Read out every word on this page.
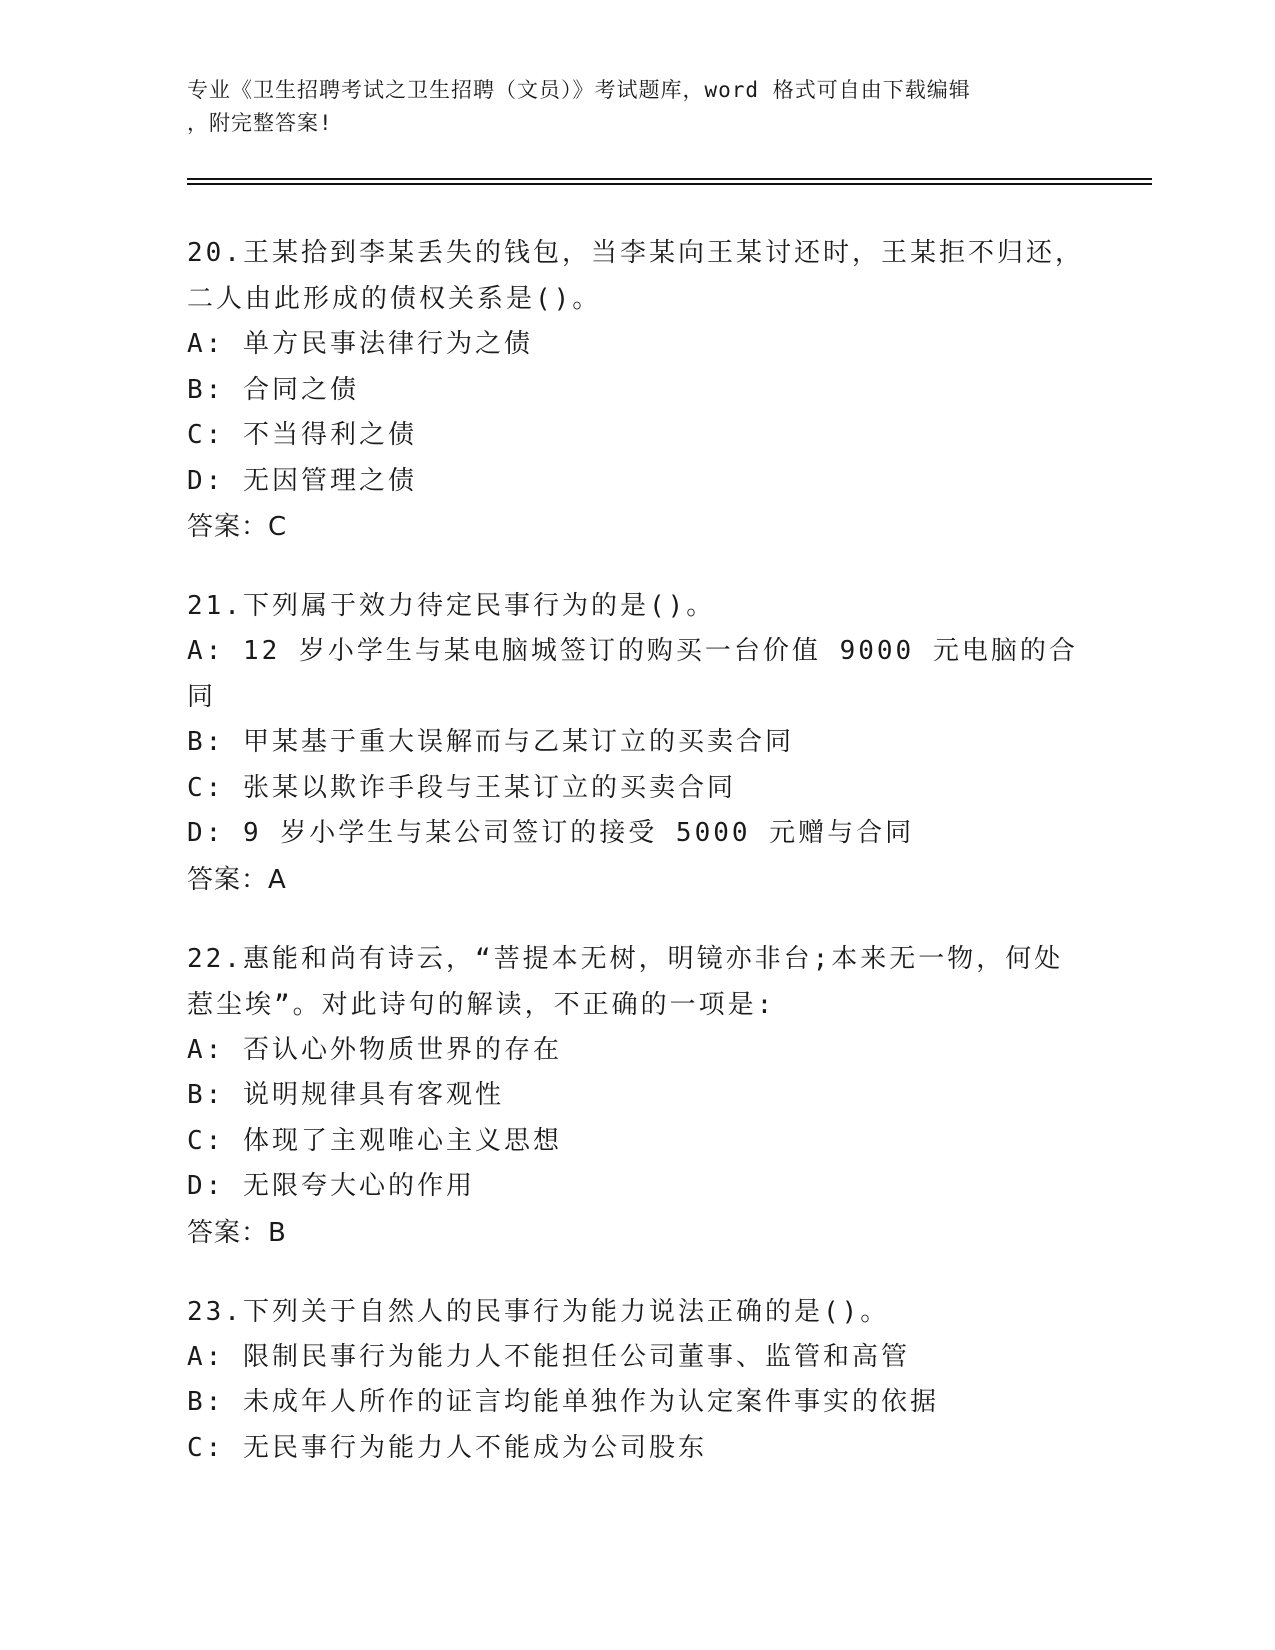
专业《卫生招聘考试之卫生招聘（文员）》考试题库，word 格式可自由下载编辑
，附完整答案!
20.王某拾到李某丢失的钱包，当李某向王某讨还时，王某拒不归还，
二人由此形成的债权关系是()。
A: 单方民事法律行为之债
B: 合同之债
C: 不当得利之债
D: 无因管理之债
答案：C
21.下列属于效力待定民事行为的是()。
A: 12 岁小学生与某电脑城签订的购买一台价值 9000 元电脑的合同
B: 甲某基于重大误解而与乙某订立的买卖合同
C: 张某以欺诈手段与王某订立的买卖合同
D: 9 岁小学生与某公司签订的接受 5000 元赠与合同
答案：A
22.惠能和尚有诗云，“菩提本无树，明镜亦非台;本来无一物，何处
惹尘埃”。对此诗句的解读，不正确的一项是:
A: 否认心外物质世界的存在
B: 说明规律具有客观性
C: 体现了主观唯心主义思想
D: 无限夸大心的作用
答案：B
23.下列关于自然人的民事行为能力说法正确的是()。
A: 限制民事行为能力人不能担任公司董事、监管和高管
B: 未成年人所作的证言均能单独作为认定案件事实的依据
C: 无民事行为能力人不能成为公司股东
